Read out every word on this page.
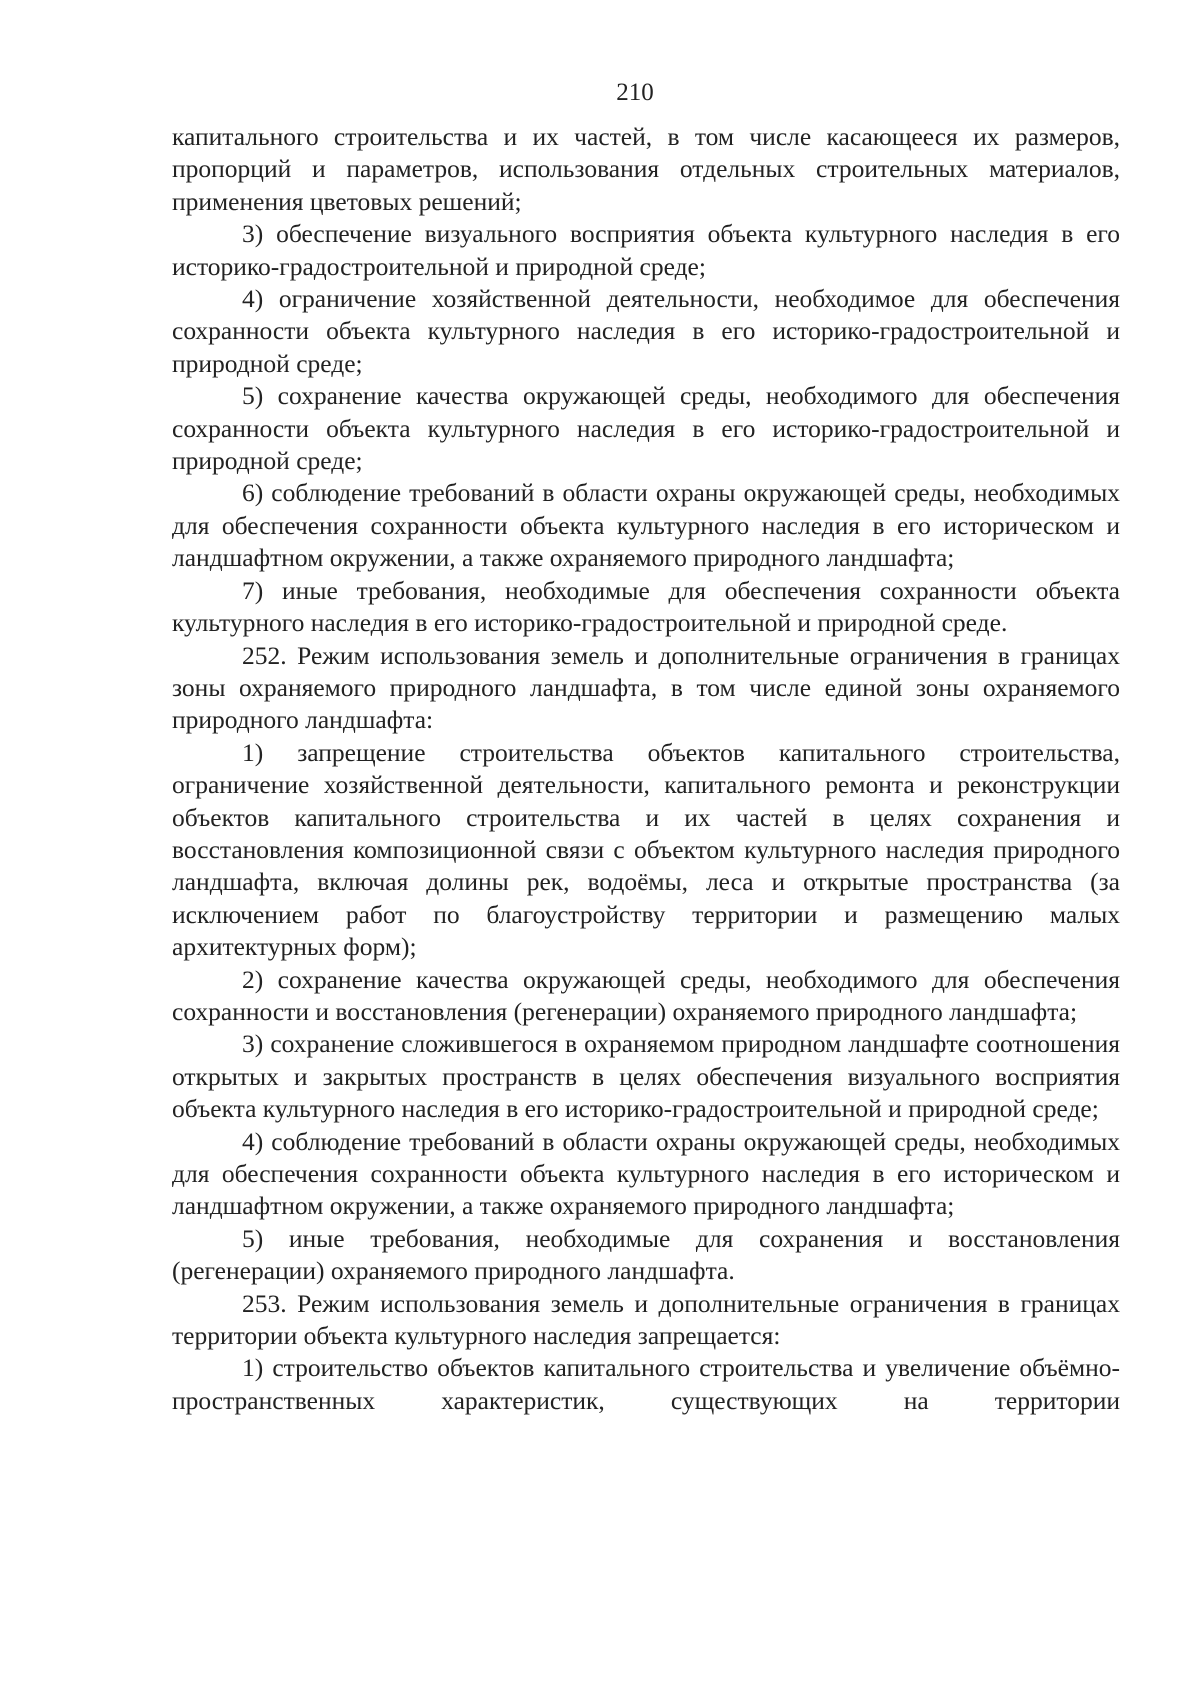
210

капитального строительства и их частей, в том числе касающееся их размеров, пропорций и параметров, использования отдельных строительных материалов, применения цветовых решений;

3) обеспечение визуального восприятия объекта культурного наследия в его историко-градостроительной и природной среде;

4) ограничение хозяйственной деятельности, необходимое для обеспечения сохранности объекта культурного наследия в его историко-градостроительной и природной среде;

5) сохранение качества окружающей среды, необходимого для обеспечения сохранности объекта культурного наследия в его историко-градостроительной и природной среде;

6) соблюдение требований в области охраны окружающей среды, необходимых для обеспечения сохранности объекта культурного наследия в его историческом и ландшафтном окружении, а также охраняемого природного ландшафта;

7) иные требования, необходимые для обеспечения сохранности объекта культурного наследия в его историко-градостроительной и природной среде.

252. Режим использования земель и дополнительные ограничения в границах зоны охраняемого природного ландшафта, в том числе единой зоны охраняемого природного ландшафта:

1) запрещение строительства объектов капитального строительства, ограничение хозяйственной деятельности, капитального ремонта и реконструкции объектов капитального строительства и их частей в целях сохранения и восстановления композиционной связи с объектом культурного наследия природного ландшафта, включая долины рек, водоёмы, леса и открытые пространства (за исключением работ по благоустройству территории и размещению малых архитектурных форм);

2) сохранение качества окружающей среды, необходимого для обеспечения сохранности и восстановления (регенерации) охраняемого природного ландшафта;

3) сохранение сложившегося в охраняемом природном ландшафте соотношения открытых и закрытых пространств в целях обеспечения визуального восприятия объекта культурного наследия в его историко-градостроительной и природной среде;

4) соблюдение требований в области охраны окружающей среды, необходимых для обеспечения сохранности объекта культурного наследия в его историческом и ландшафтном окружении, а также охраняемого природного ландшафта;

5) иные требования, необходимые для сохранения и восстановления (регенерации) охраняемого природного ландшафта.

253. Режим использования земель и дополнительные ограничения в границах территории объекта культурного наследия запрещается:

1) строительство объектов капитального строительства и увеличение объёмно-пространственных характеристик, существующих на территории
